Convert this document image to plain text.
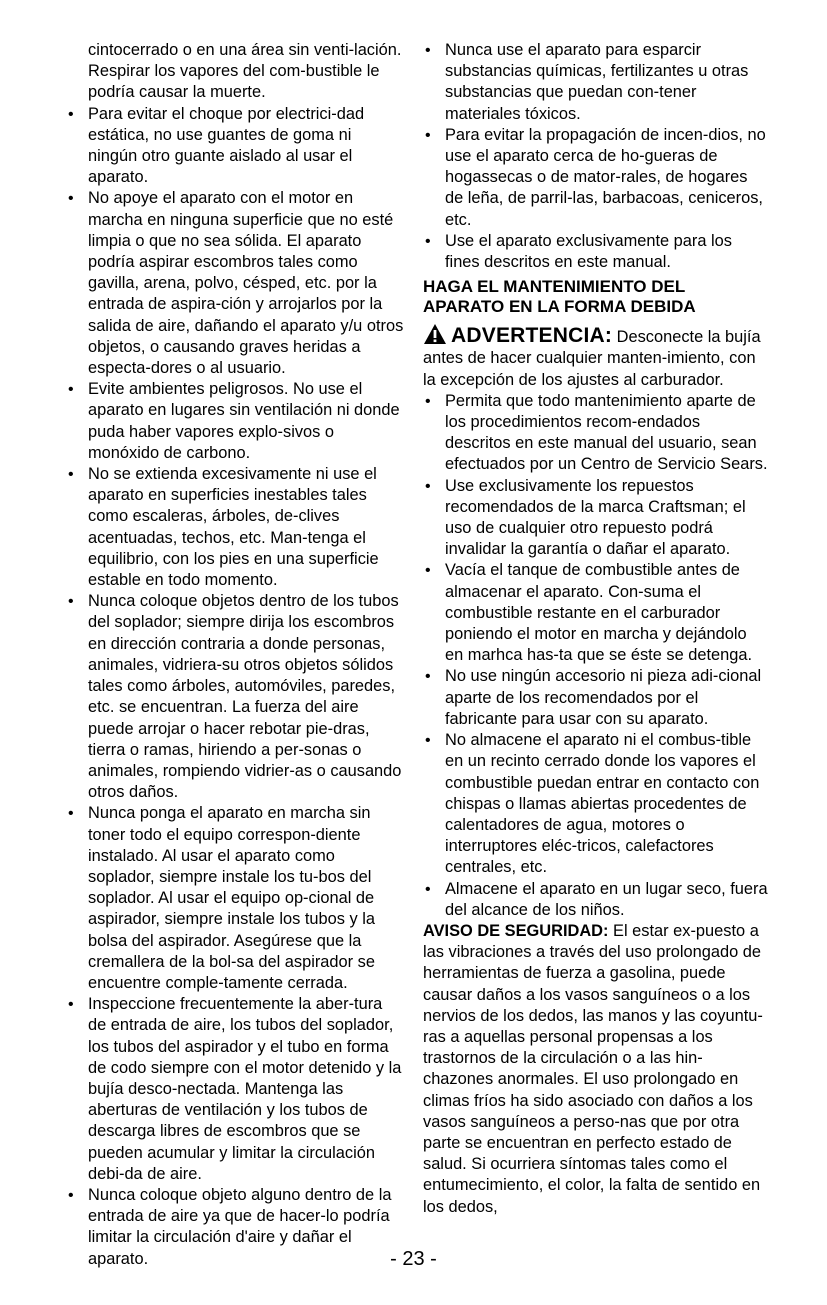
cintocerrado o en una área sin venti-lación. Respirar los vapores del com-bustible le podría causar la muerte.
• Para evitar el choque por electrici-dad estática, no use guantes de goma ni ningún otro guante aislado al usar el aparato.
• No apoye el aparato con el motor en marcha en ninguna superficie que no esté limpia o que no sea sólida. El aparato podría aspirar escombros tales como gavilla, arena, polvo, césped, etc. por la entrada de aspira-ción y arrojarlos por la salida de aire, dañando el aparato y/u otros objetos, o causando graves heridas a especta-dores o al usuario.
• Evite ambientes peligrosos. No use el aparato en lugares sin ventilación ni donde puda haber vapores explo-sivos o monóxido de carbono.
• No se extienda excesivamente ni use el aparato en superficies inestables tales como escaleras, árboles, de-clives acentuadas, techos, etc. Man-tenga el equilibrio, con los pies en una superficie estable en todo momento.
• Nunca coloque objetos dentro de los tubos del soplador; siempre dirija los escombros en dirección contraria a donde personas, animales, vidriera-su otros objetos sólidos tales como árboles, automóviles, paredes, etc. se encuentran. La fuerza del aire puede arrojar o hacer rebotar pie-dras, tierra o ramas, hiriendo a per-sonas o animales, rompiendo vidrier-as o causando otros daños.
• Nunca ponga el aparato en marcha sin toner todo el equipo correspon-diente instalado. Al usar el aparato como soplador, siempre instale los tu-bos del soplador. Al usar el equipo op-cional de aspirador, siempre instale los tubos y la bolsa del aspirador. Asegúrese que la cremallera de la bol-sa del aspirador se encuentre comple-tamente cerrada.
• Inspeccione frecuentemente la aber-tura de entrada de aire, los tubos del soplador, los tubos del aspirador y el tubo en forma de codo siempre con el motor detenido y la bujía desco-nectada. Mantenga las aberturas de ventilación y los tubos de descarga libres de escombros que se pueden acumular y limitar la circulación debi-da de aire.
• Nunca coloque objeto alguno dentro de la entrada de aire ya que de hacer-lo podría limitar la circulación d'aire y dañar el aparato.
• Nunca use el aparato para esparcir substancias químicas, fertilizantes u otras substancias que puedan con-tener materiales tóxicos.
• Para evitar la propagación de incen-dios, no use el aparato cerca de ho-gueras de hogassecas o de mator-rales, de hogares de leña, de parril-las, barbacoas, ceniceros, etc.
• Use el aparato exclusivamente para los fines descritos en este manual.
HAGA EL MANTENIMIENTO DEL APARATO EN LA FORMA DEBIDA
ADVERTENCIA: Desconecte la bujía antes de hacer cualquier manten-imiento, con la excepción de los ajustes al carburador.
• Permita que todo mantenimiento aparte de los procedimientos recom-endados descritos en este manual del usuario, sean efectuados por un Centro de Servicio Sears.
• Use exclusivamente los repuestos recomendados de la marca Craftsman; el uso de cualquier otro repuesto podrá invalidar la garantía o dañar el aparato.
• Vacía el tanque de combustible antes de almacenar el aparato. Con-suma el combustible restante en el carburador poniendo el motor en marcha y dejándolo en marhca has-ta que se éste se detenga.
• No use ningún accesorio ni pieza adi-cional aparte de los recomendados por el fabricante para usar con su aparato.
• No almacene el aparato ni el combus-tible en un recinto cerrado donde los vapores el combustible puedan entrar en contacto con chispas o llamas abiertas procedentes de calentadores de agua, motores o interruptores eléc-tricos, calefactores centrales, etc.
• Almacene el aparato en un lugar seco, fuera del alcance de los niños.
AVISO DE SEGURIDAD: El estar ex-puesto a las vibraciones a través del uso prolongado de herramientas de fuerza a gasolina, puede causar daños a los vasos sanguíneos o a los nervios de los dedos, las manos y las coyuntu-ras a aquellas personal propensas a los trastornos de la circulación o a las hin-chazones anormales. El uso prolongado en climas fríos ha sido asociado con daños a los vasos sanguíneos a perso-nas que por otra parte se encuentran en perfecto estado de salud. Si ocurriera síntomas tales como el entumecimiento, el color, la falta de sentido en los dedos,
- 23 -
